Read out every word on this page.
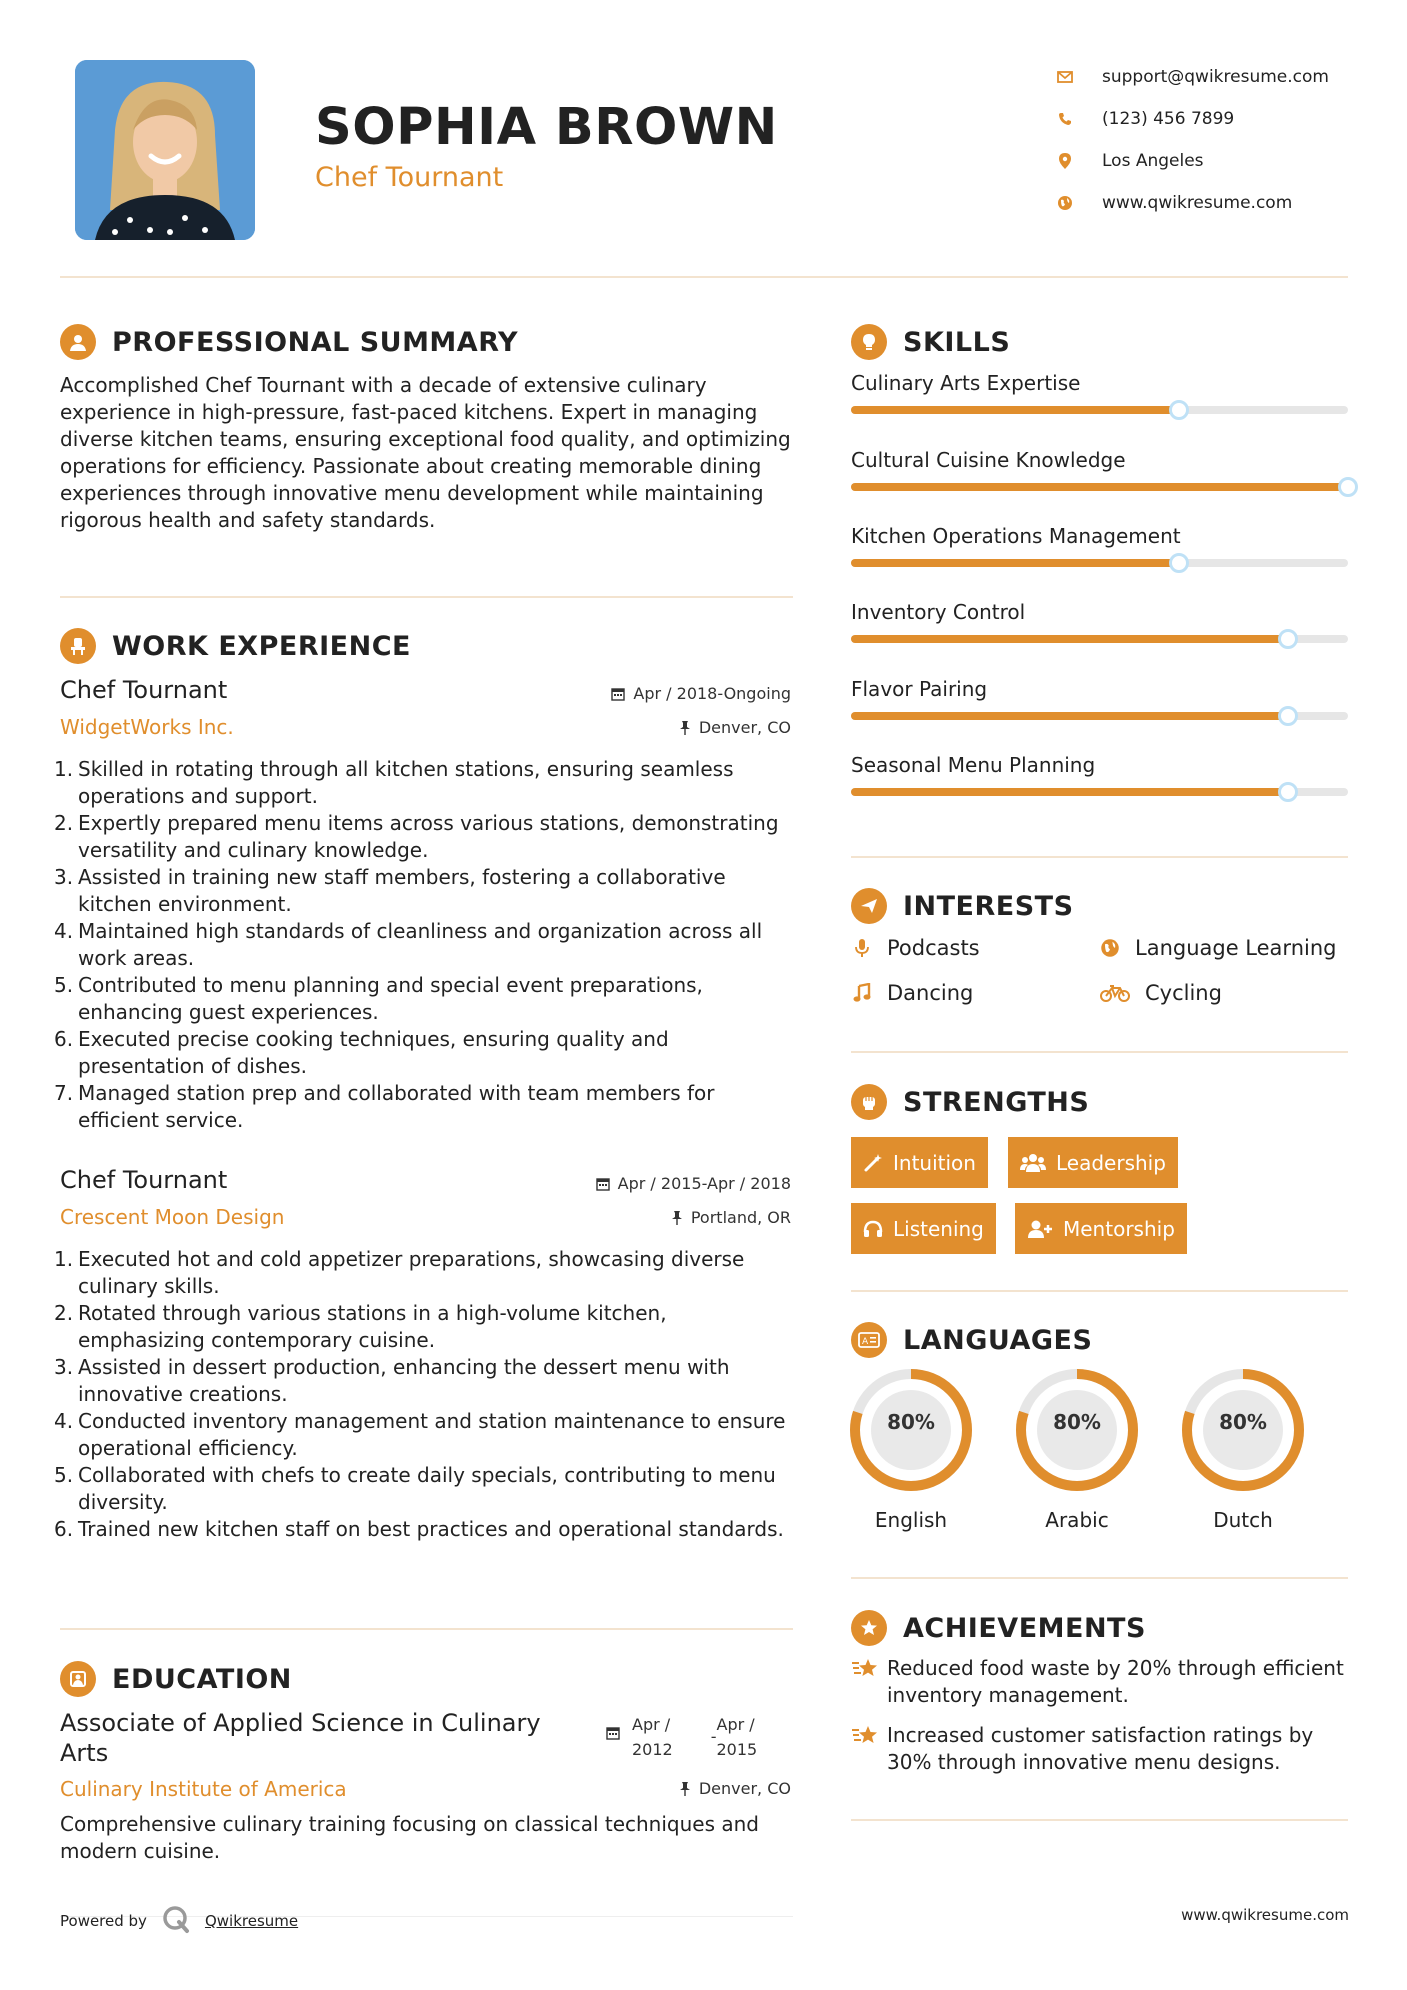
SOPHIA BROWN
Chef Tournant
support@qwikresume.com
(123) 456 7899
Los Angeles
www.qwikresume.com
PROFESSIONAL SUMMARY
Accomplished Chef Tournant with a decade of extensive culinary experience in high-pressure, fast-paced kitchens. Expert in managing diverse kitchen teams, ensuring exceptional food quality, and optimizing operations for efficiency. Passionate about creating memorable dining experiences through innovative menu development while maintaining rigorous health and safety standards.
WORK EXPERIENCE
Chef Tournant	Apr / 2018-Ongoing
WidgetWorks Inc.	Denver, CO
1. Skilled in rotating through all kitchen stations, ensuring seamless operations and support.
2. Expertly prepared menu items across various stations, demonstrating versatility and culinary knowledge.
3. Assisted in training new staff members, fostering a collaborative kitchen environment.
4. Maintained high standards of cleanliness and organization across all work areas.
5. Contributed to menu planning and special event preparations, enhancing guest experiences.
6. Executed precise cooking techniques, ensuring quality and presentation of dishes.
7. Managed station prep and collaborated with team members for efficient service.
Chef Tournant	Apr / 2015-Apr / 2018
Crescent Moon Design	Portland, OR
1. Executed hot and cold appetizer preparations, showcasing diverse culinary skills.
2. Rotated through various stations in a high-volume kitchen, emphasizing contemporary cuisine.
3. Assisted in dessert production, enhancing the dessert menu with innovative creations.
4. Conducted inventory management and station maintenance to ensure operational efficiency.
5. Collaborated with chefs to create daily specials, contributing to menu diversity.
6. Trained new kitchen staff on best practices and operational standards.
EDUCATION
Associate of Applied Science in Culinary
Arts
Apr /
2012
-
Apr /
2015
Culinary Institute of America	Denver, CO
Comprehensive culinary training focusing on classical techniques and modern cuisine.
SKILLS
Culinary Arts Expertise
Cultural Cuisine Knowledge
Kitchen Operations Management
Inventory Control
Flavor Pairing
Seasonal Menu Planning
INTERESTS
Podcasts	Language Learning
Dancing	Cycling
STRENGTHS
Intuition	Leadership
Listening	Mentorship
A LANGUAGES
80%
English
80%
Arabic
80%
Dutch
ACHIEVEMENTS
Reduced food waste by 20% through efficient inventory management.
Increased customer satisfaction ratings by 30% through innovative menu designs.
Powered by	Qwikresume	www.qwikresume.com
